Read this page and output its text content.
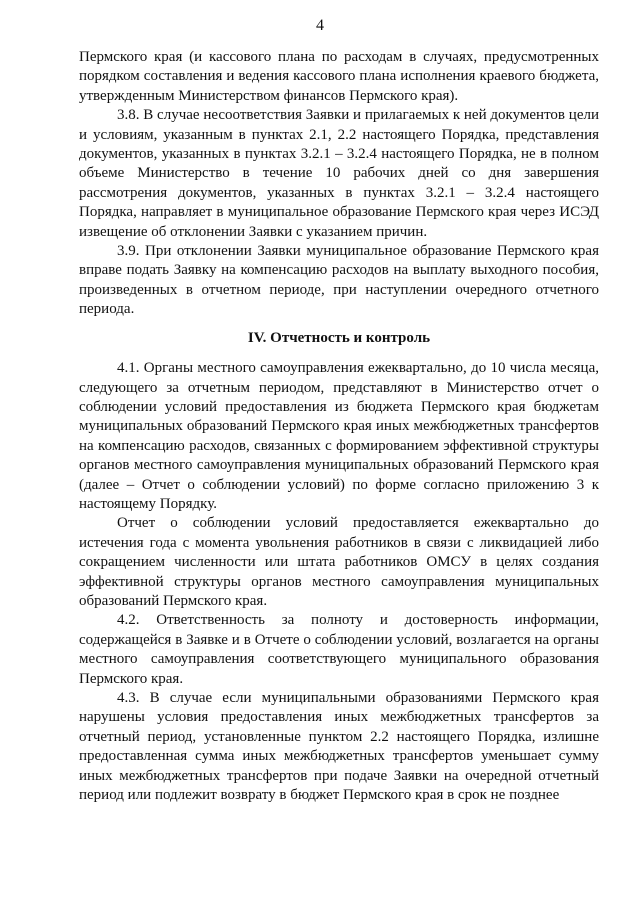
4

Пермского края (и кассового плана по расходам в случаях, предусмотренных порядком составления и ведения кассового плана исполнения краевого бюджета, утвержденным Министерством финансов Пермского края).

3.8. В случае несоответствия Заявки и прилагаемых к ней документов цели и условиям, указанным в пунктах 2.1, 2.2 настоящего Порядка, представления документов, указанных в пунктах 3.2.1 – 3.2.4 настоящего Порядка, не в полном объеме Министерство в течение 10 рабочих дней со дня завершения рассмотрения документов, указанных в пунктах 3.2.1 – 3.2.4 настоящего Порядка, направляет в муниципальное образование Пермского края через ИСЭД извещение об отклонении Заявки с указанием причин.

3.9. При отклонении Заявки муниципальное образование Пермского края вправе подать Заявку на компенсацию расходов на выплату выходного пособия, произведенных в отчетном периоде, при наступлении очередного отчетного периода.

IV. Отчетность и контроль

4.1. Органы местного самоуправления ежеквартально, до 10 числа месяца, следующего за отчетным периодом, представляют в Министерство отчет о соблюдении условий предоставления из бюджета Пермского края бюджетам муниципальных образований Пермского края иных межбюджетных трансфертов на компенсацию расходов, связанных с формированием эффективной структуры органов местного самоуправления муниципальных образований Пермского края (далее – Отчет о соблюдении условий) по форме согласно приложению 3 к настоящему Порядку.

Отчет о соблюдении условий предоставляется ежеквартально до истечения года с момента увольнения работников в связи с ликвидацией либо сокращением численности или штата работников ОМСУ в целях создания эффективной структуры органов местного самоуправления муниципальных образований Пермского края.

4.2. Ответственность за полноту и достоверность информации, содержащейся в Заявке и в Отчете о соблюдении условий, возлагается на органы местного самоуправления соответствующего муниципального образования Пермского края.

4.3. В случае если муниципальными образованиями Пермского края нарушены условия предоставления иных межбюджетных трансфертов за отчетный период, установленные пунктом 2.2 настоящего Порядка, излишне предоставленная сумма иных межбюджетных трансфертов уменьшает сумму иных межбюджетных трансфертов при подаче Заявки на очередной отчетный период или подлежит возврату в бюджет Пермского края в срок не позднее
